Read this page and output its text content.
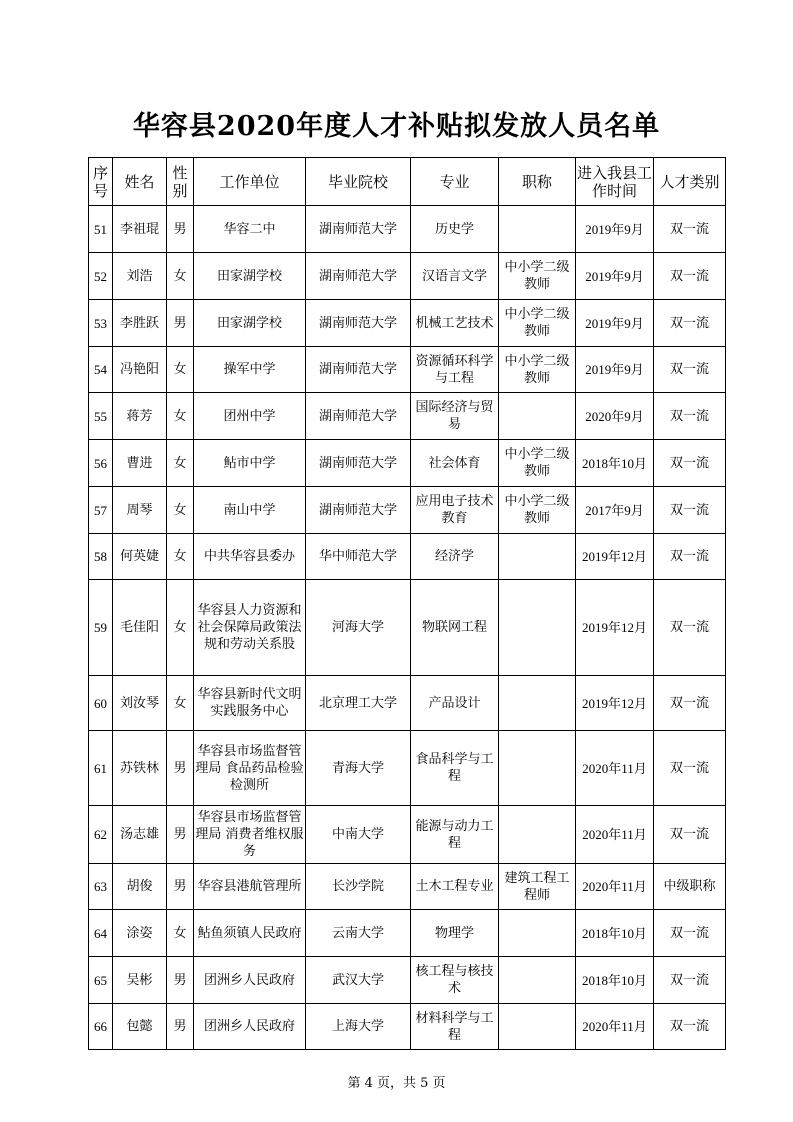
华容县2020年度人才补贴拟发放人员名单
序号	姓名	性别	工作单位	毕业院校	专业	职称	进入我县工作时间	人才类别
51	李祖琨	男	华容二中	湖南师范大学	历史学		2019年9月	双一流
52	刘浩	女	田家湖学校	湖南师范大学	汉语言文学	中小学二级教师	2019年9月	双一流
53	李胜跃	男	田家湖学校	湖南师范大学	机械工艺技术	中小学二级教师	2019年9月	双一流
54	冯艳阳	女	操军中学	湖南师范大学	资源循环科学与工程	中小学二级教师	2019年9月	双一流
55	蒋芳	女	团州中学	湖南师范大学	国际经济与贸易		2020年9月	双一流
56	曹进	女	鲇市中学	湖南师范大学	社会体育	中小学二级教师	2018年10月	双一流
57	周琴	女	南山中学	湖南师范大学	应用电子技术教育	中小学二级教师	2017年9月	双一流
58	何英婕	女	中共华容县委办	华中师范大学	经济学		2019年12月	双一流
59	毛佳阳	女	华容县人力资源和社会保障局政策法规和劳动关系股	河海大学	物联网工程		2019年12月	双一流
60	刘汝琴	女	华容县新时代文明实践服务中心	北京理工大学	产品设计		2019年12月	双一流
61	苏铁林	男	华容县市场监督管理局 食品药品检验检测所	青海大学	食品科学与工程		2020年11月	双一流
62	汤志雄	男	华容县市场监督管理局 消费者维权服务	中南大学	能源与动力工程		2020年11月	双一流
63	胡俊	男	华容县港航管理所	长沙学院	土木工程专业	建筑工程工程师	2020年11月	中级职称
64	涂姿	女	鲇鱼须镇人民政府	云南大学	物理学		2018年10月	双一流
65	吴彬	男	团洲乡人民政府	武汉大学	核工程与核技术		2018年10月	双一流
66	包懿	男	团洲乡人民政府	上海大学	材料科学与工程		2020年11月	双一流
第 4 页，共 5 页
